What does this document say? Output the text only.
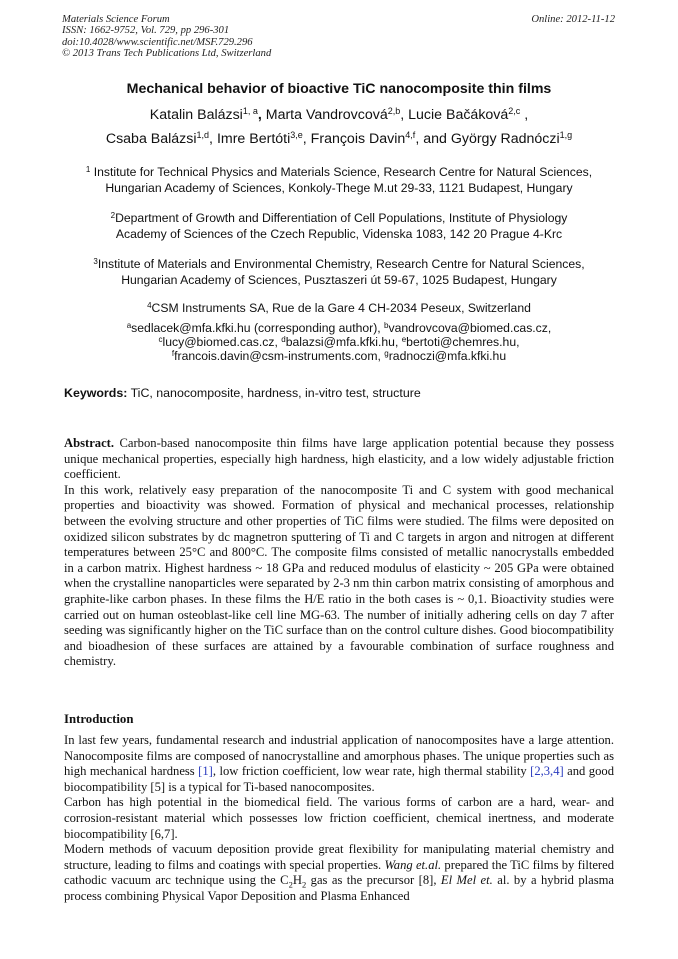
Materials Science Forum
ISSN: 1662-9752, Vol. 729, pp 296-301
doi:10.4028/www.scientific.net/MSF.729.296
© 2013 Trans Tech Publications Ltd, Switzerland
Online: 2012-11-12
Mechanical behavior of bioactive TiC nanocomposite thin films
Katalin Balázsi$^{1, a}$, Marta Vandrovcová$^{2,b}$, Lucie Bačáková$^{2,c}$ ,
Csaba Balázsi$^{1,d}$, Imre Bertóti$^{3,e}$, François Davin$^{4,f}$, and György Radnóczi$^{1,g}$
$^1$ Institute for Technical Physics and Materials Science, Research Centre for Natural Sciences,
Hungarian Academy of Sciences, Konkoly-Thege M.ut 29-33, 1121 Budapest, Hungary
$^2$Department of Growth and Differentiation of Cell Populations, Institute of Physiology
Academy of Sciences of the Czech Republic, Videnska 1083, 142 20 Prague 4-Krc
$^3$Institute of Materials and Environmental Chemistry, Research Centre for Natural Sciences,
Hungarian Academy of Sciences, Pusztaszeri út 59-67, 1025 Budapest, Hungary
$^4$CSM Instruments SA, Rue de la Gare 4 CH-2034 Peseux, Switzerland
$^a$sedlacek@mfa.kfki.hu (corresponding author), $^b$vandrovcova@biomed.cas.cz,
$^c$lucy@biomed.cas.cz, $^d$balazsi@mfa.kfki.hu, $^e$bertoti@chemres.hu,
$^f$francois.davin@csm-instruments.com, $^g$radnoczi@mfa.kfki.hu
Keywords: TiC, nanocomposite, hardness, in-vitro test, structure

Abstract. Carbon-based nanocomposite thin films have large application potential because they possess unique mechanical properties, especially high hardness, high elasticity, and a low widely adjustable friction coefficient.

In this work, relatively easy preparation of the nanocomposite Ti and C system with good mechanical properties and bioactivity was showed. Formation of physical and mechanical processes, relationship between the evolving structure and other properties of TiC films were studied. The films were deposited on oxidized silicon substrates by dc magnetron sputtering of Ti and C targets in argon and nitrogen at different temperatures between 25°C and 800°C. The composite films consisted of metallic nanocrystalls embedded in a carbon matrix. Highest hardness ~ 18 GPa and reduced modulus of elasticity ~ 205 GPa were obtained when the crystalline nanoparticles were separated by 2-3 nm thin carbon matrix consisting of amorphous and graphite-like carbon phases. In these films the H/E ratio in the both cases is ~ 0,1. Bioactivity studies were carried out on human osteoblast-like cell line MG-63. The number of initially adhering cells on day 7 after seeding was significantly higher on the TiC surface than on the control culture dishes. Good biocompatibility and bioadhesion of these surfaces are attained by a favourable combination of surface roughness and chemistry.

Introduction

In last few years, fundamental research and industrial application of nanocomposites have a large attention. Nanocomposite films are composed of nanocrystalline and amorphous phases. The unique properties such as high mechanical hardness [1], low friction coefficient, low wear rate, high thermal stability [2,3,4] and good biocompatibility [5] is a typical for Ti-based nanocomposites.

Carbon has high potential in the biomedical field. The various forms of carbon are a hard, wear- and corrosion-resistant material which possesses low friction coefficient, chemical inertness, and moderate biocompatibility [6,7].

Modern methods of vacuum deposition provide great flexibility for manipulating material chemistry and structure, leading to films and coatings with special properties. Wang et.al. prepared the TiC films by filtered cathodic vacuum arc technique using the $C_2H_2$ gas as the precursor [8], El Mel et. al. by a hybrid plasma process combining Physical Vapor Deposition and Plasma Enhanced
